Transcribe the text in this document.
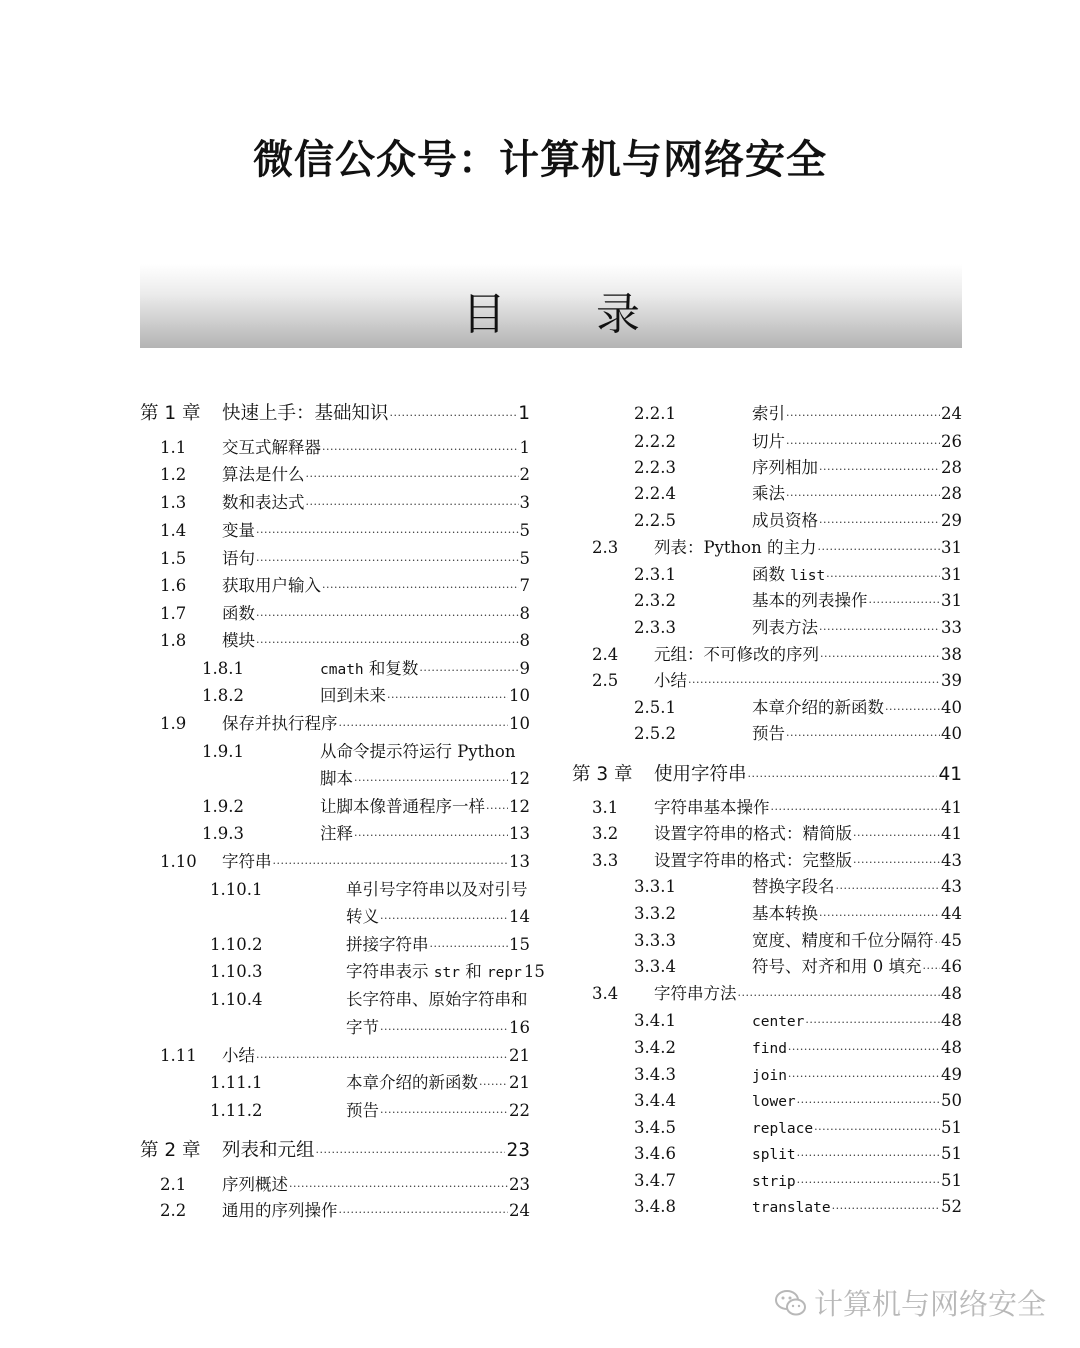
微信公众号：计算机与网络安全
目录
第 1 章	快速上手：基础知识 ·····	1
1.1	交互式解释器 ·····	1
1.2	算法是什么 ·····	2
1.3	数和表达式 ·····	3
1.4	变量 ·····	5
1.5	语句 ·····	5
1.6	获取用户输入 ·····	7
1.7	函数 ·····	8
1.8	模块 ·····	8
1.8.1	cmath 和复数 ·····	9
1.8.2	回到未来 ·····	10
1.9	保存并执行程序 ·····	10
1.9.1	从命令提示符运行 Python
脚本 ·····	12
1.9.2	让脚本像普通程序一样 ····· 12
1.9.3	注释 ·····	13
1.10	字符串 ·····	13
1.10.1	单引号字符串以及对引号
转义 ·····	14
1.10.2	拼接字符串 ·····	15
1.10.3	字符串表示 str 和 repr 15
1.10.4	长字符串、原始字符串和
字节 ·····	16
1.11	小结 ·····	21
1.11.1	本章介绍的新函数 ····· 21
1.11.2	预告 ·····	22
第 2 章	列表和元组 ·····	23
2.1	序列概述 ·····	23
2.2	通用的序列操作 ·····	24
2.2.1	索引 ·····	24
2.2.2	切片 ·····	26
2.2.3	序列相加 ·····	28
2.2.4	乘法 ·····	28
2.2.5	成员资格 ·····	29
2.3	列表：Python 的主力 ·····	31
2.3.1	函数 list ·····	31
2.3.2	基本的列表操作 ·····	31
2.3.3	列表方法 ·····	33
2.4	元组：不可修改的序列 ·····	38
2.5	小结 ·····	39
2.5.1	本章介绍的新函数 ·····	40
2.5.2	预告 ·····	40
第 3 章	使用字符串 ·····	41
3.1	字符串基本操作 ·····	41
3.2	设置字符串的格式：精简版 ·····	41
3.3	设置字符串的格式：完整版 ·····	43
3.3.1	替换字段名 ·····	43
3.3.2	基本转换 ·····	44
3.3.3	宽度、精度和千位分隔符 ····· 45
3.3.4	符号、对齐和用 0 填充 ····· 46
3.4	字符串方法 ·····	48
3.4.1	center ·····	48
3.4.2	find ·····	48
3.4.3	join ·····	49
3.4.4	lower ·····	50
3.4.5	replace ·····	51
3.4.6	split ·····	51
3.4.7	strip ·····	51
3.4.8	translate ·····	52
计算机与网络安全
